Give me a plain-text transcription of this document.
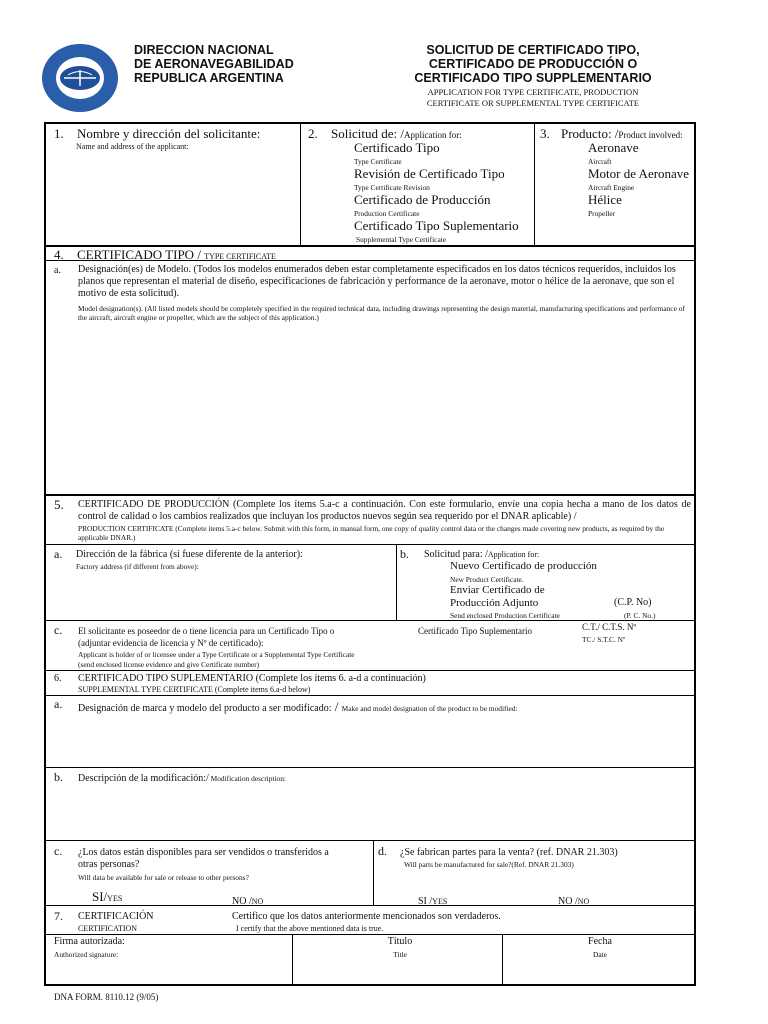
DIRECCION NACIONAL
DE AERONAVEGABILIDAD
REPUBLICA ARGENTINA
SOLICITUD DE CERTIFICADO TIPO,
CERTIFICADO DE PRODUCCIÓN O
CERTIFICADO TIPO SUPPLEMENTARIO
APPLICATION FOR TYPE CERTIFICATE, PRODUCTION
CERTIFICATE OR SUPPLEMENTAL TYPE CERTIFICATE
1. Nombre y dirección del solicitante:
Name and address of the applicant:
2. Solicitud de: /Application for:
Certificado Tipo
Type Certificate
Revisión de Certificado Tipo
Type Certificate Revision
Certificado de Producción
Production Certificate
Certificado Tipo Suplementario
Supplemental Type Certificate
3. Producto: /Product involved:
Aeronave
Aircraft
Motor de Aeronave
Aircraft Engine
Hélice
Propeller
4. CERTIFICADO TIPO / TYPE CERTIFICATE
a. Designación(es) de Modelo. (Todos los modelos enumerados deben estar completamente especificados en los datos técnicos requeridos, incluidos los planos que representan el material de diseño, especificaciones de fabricación y performance de la aeronave, motor o hélice de la aeronave, que son el motivo de esta solicitud).
Model designation(s). (All listed models should be completely specified in the required technical data, including drawings representing the design material, manufacturing specifications and performance of the aircraft, aircraft engine or propeller, which are the subject of this application.)
5. CERTIFICADO DE PRODUCCIÓN (Complete los ítems 5.a-c a continuación. Con este formulario, envíe una copia hecha a mano de los datos de control de calidad o los cambios realizados que incluyan los productos nuevos según sea requerido por el DNAR aplicable) /
PRODUCTION CERTIFICATE (Complete items 5.a-c below. Submit with this form, in manual form, one copy of quality control data or the changes made covering new products, as required by the applicable DNAR.)
a. Dirección de la fábrica (si fuese diferente de la anterior):
Factory address (if different from above):
b. Solicitud para: /Application for:
Nuevo Certificado de producción
New Product Certificate.
Enviar Certificado de
Producción Adjunto	(C.P. No)
Send enclosed Production Certificate	(P. C. No.)
c. El solicitante es poseedor de o tiene licencia para un Certificado Tipo o	Certificado Tipo Suplementario	C.T./ C.T.S. Nº
TC./ S.T.C. Nº
(adjuntar evidencia de licencia y Nº de certificado):
Applicant is holder of or licensee under a Type Certificate or a Supplemental Type Certificate
(send enclosed license evidence and give Certificate number)
6. CERTIFICADO TIPO SUPLEMENTARIO (Complete los ítems 6. a-d a continuación)
SUPPLEMENTAL TYPE CERTIFICATE (Complete items 6.a-d below)
a. Designación de marca y modelo del producto a ser modificado: / Make and model designation of the product to be modified:
b. Descripción de la modificación:/ Modification description:
c. ¿Los datos están disponibles para ser vendidos o transferidos a
otras personas?
Will data be available for sale or release to other persons?
SI/YES	NO /NO
d. ¿Se fabrican partes para la venta? (ref. DNAR 21.303)
Will parts be manufactured for sale?(Ref. DNAR 21.303)
SI /YES	NO /NO
7. CERTIFICACIÓN
CERTIFICATION
Certifico que los datos anteriormente mencionados son verdaderos.
I certify that the above mentioned data is true.
Firma autorizada:
Authorized signature:
Título
Title
Fecha
Date
DNA FORM. 8110.12 (9/05)
